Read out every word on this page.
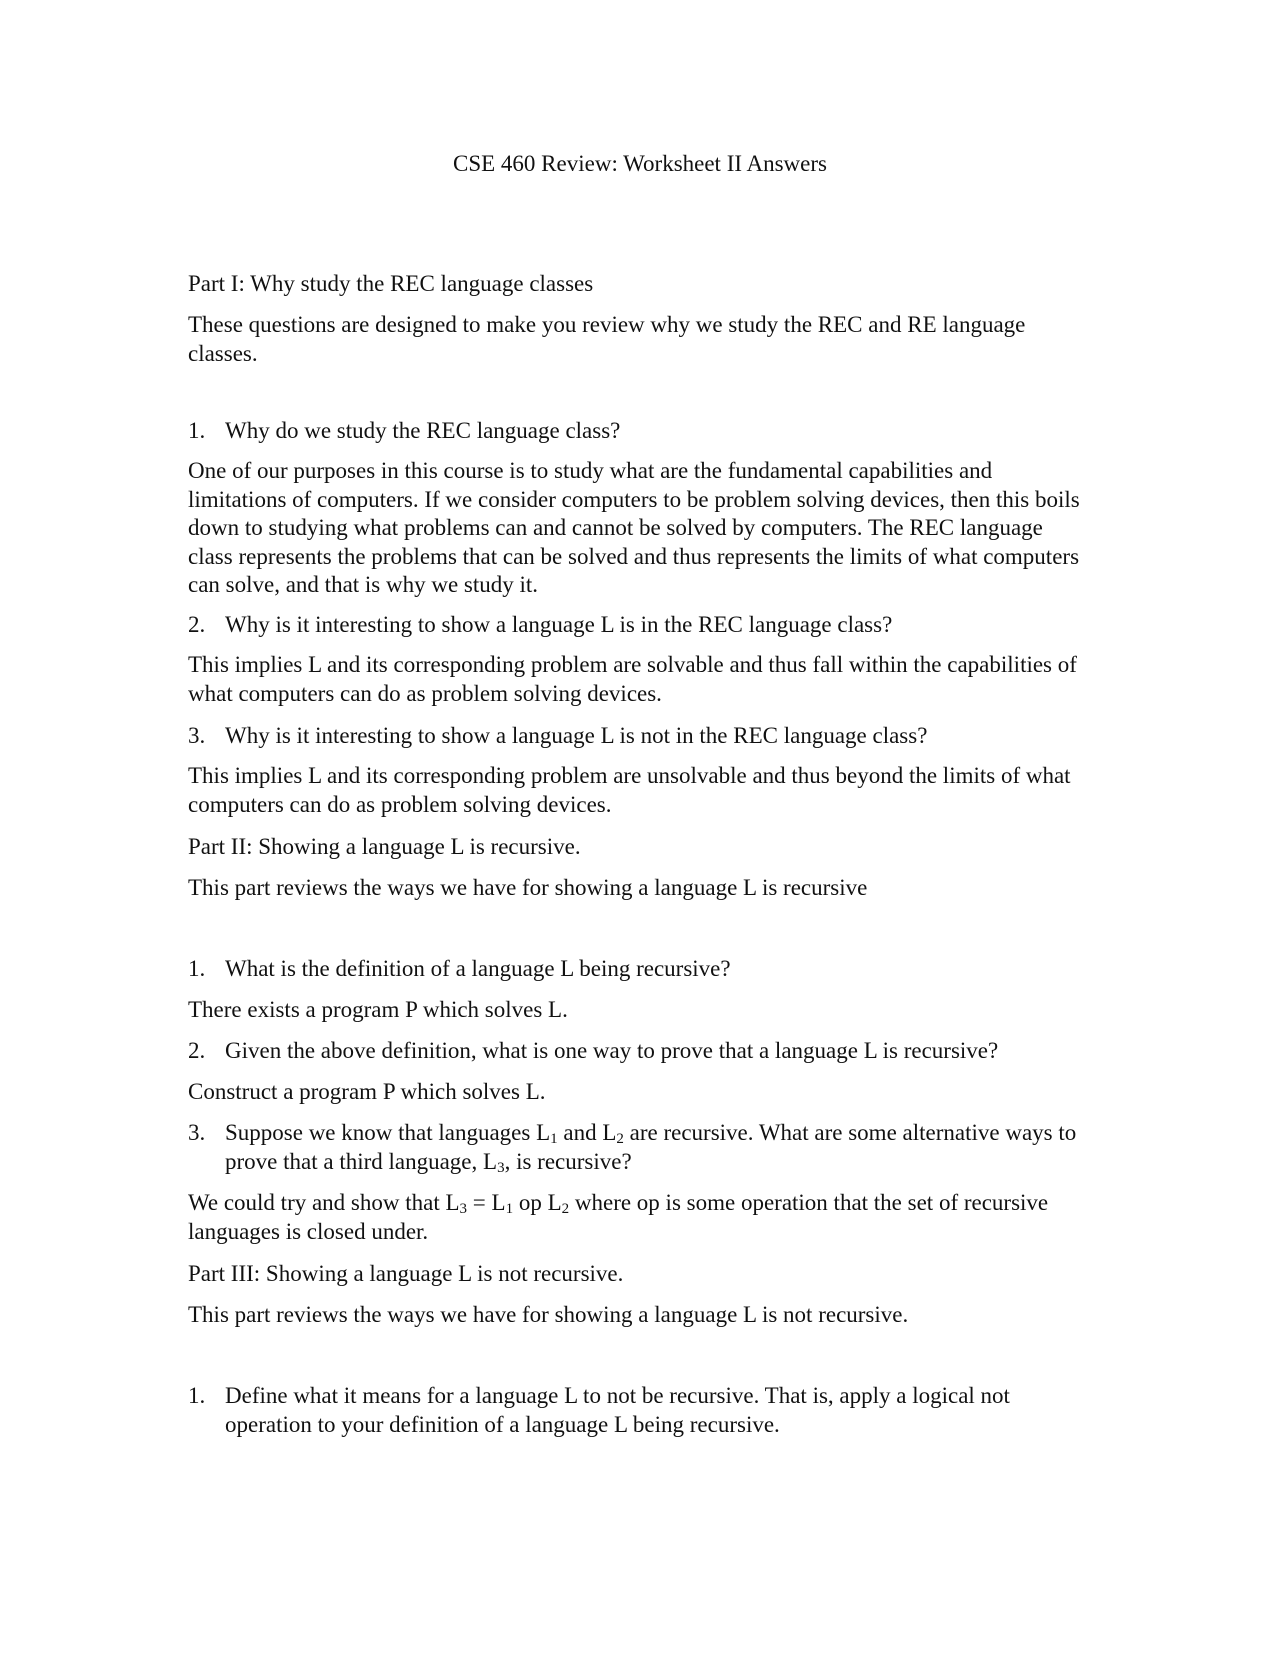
CSE 460 Review: Worksheet II Answers

Part I: Why study the REC language classes

These questions are designed to make you review why we study the REC and RE language classes.

1. Why do we study the REC language class?

One of our purposes in this course is to study what are the fundamental capabilities and limitations of computers. If we consider computers to be problem solving devices, then this boils down to studying what problems can and cannot be solved by computers. The REC language class represents the problems that can be solved and thus represents the limits of what computers can solve, and that is why we study it.

2. Why is it interesting to show a language L is in the REC language class?

This implies L and its corresponding problem are solvable and thus fall within the capabilities of what computers can do as problem solving devices.

3. Why is it interesting to show a language L is not in the REC language class?

This implies L and its corresponding problem are unsolvable and thus beyond the limits of what computers can do as problem solving devices.

Part II: Showing a language L is recursive.

This part reviews the ways we have for showing a language L is recursive

1. What is the definition of a language L being recursive?

There exists a program P which solves L.

2. Given the above definition, what is one way to prove that a language L is recursive?

Construct a program P which solves L.

3. Suppose we know that languages $L_1$ and $L_2$ are recursive. What are some alternative ways to prove that a third language, $L_3$, is recursive?

We could try and show that $L_3 = L_1$ op $L_2$ where op is some operation that the set of recursive languages is closed under.

Part III: Showing a language L is not recursive.

This part reviews the ways we have for showing a language L is not recursive.

1. Define what it means for a language L to not be recursive. That is, apply a logical not operation to your definition of a language L being recursive.
